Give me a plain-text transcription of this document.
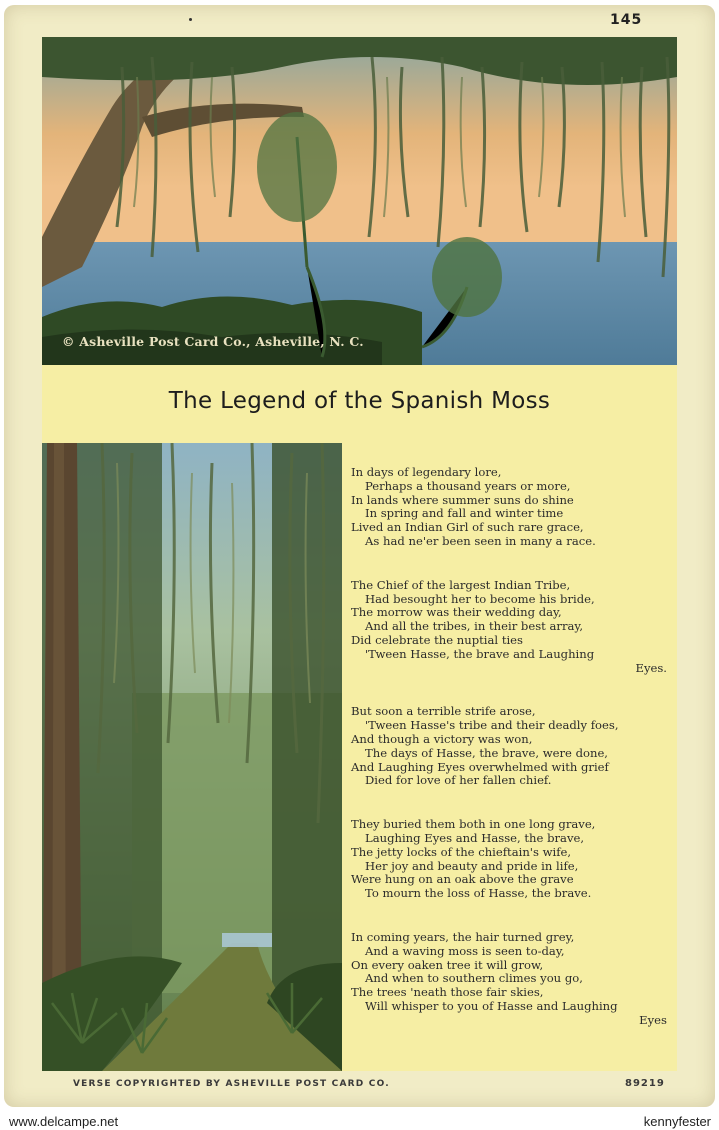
145
© Asheville Post Card Co., Asheville, N. C.
The Legend of the Spanish Moss
In days of legendary lore,
Perhaps a thousand years or more,
In lands where summer suns do shine
In spring and fall and winter time
Lived an Indian Girl of such rare grace,
As had ne'er been seen in many a race.
The Chief of the largest Indian Tribe,
Had besought her to become his bride,
The morrow was their wedding day,
And all the tribes, in their best array,
Did celebrate the nuptial ties
'Tween Hasse, the brave and Laughing
Eyes.
But soon a terrible strife arose,
'Tween Hasse's tribe and their deadly foes,
And though a victory was won,
The days of Hasse, the brave, were done,
And Laughing Eyes overwhelmed with grief
Died for love of her fallen chief.
They buried them both in one long grave,
Laughing Eyes and Hasse, the brave,
The jetty locks of the chieftain's wife,
Her joy and beauty and pride in life,
Were hung on an oak above the grave
To mourn the loss of Hasse, the brave.
In coming years, the hair turned grey,
And a waving moss is seen to-day,
On every oaken tree it will grow,
And when to southern climes you go,
The trees 'neath those fair skies,
Will whisper to you of Hasse and Laughing
Eyes
VERSE COPYRIGHTED BY ASHEVILLE POST CARD CO.	89219
www.delcampe.net	kennyfester
